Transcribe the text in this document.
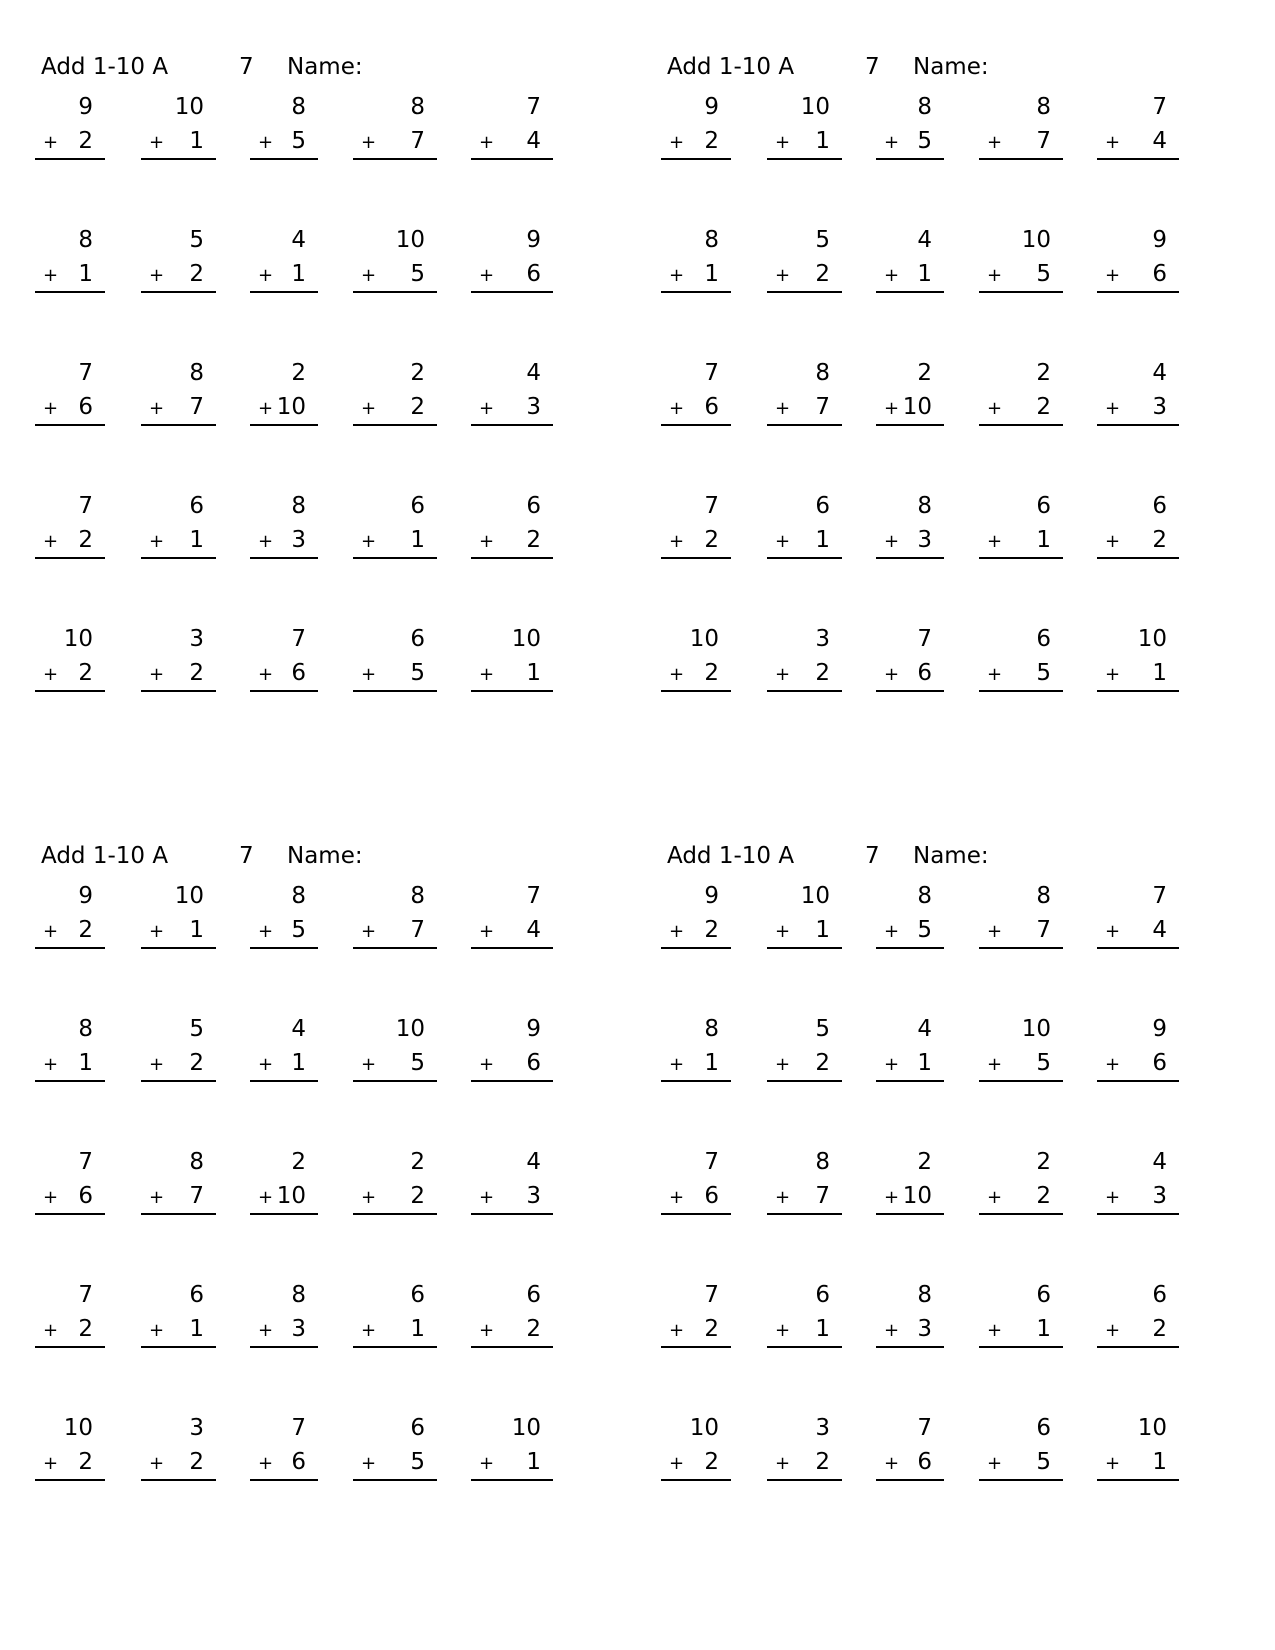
Add 1-10 A	7 Name:
9
+ 2
10
+ 1
8
+ 5
8
+ 7
7
+ 4
8
+ 1
5
+ 2
4
+ 1
10
+ 5
9
+ 6
7
+ 6
8
+ 7
2
+ 10
2
+ 2
4
+ 3
7
+ 2
6
+ 1
8
+ 3
6
+ 1
6
+ 2
10
+ 2
3
+ 2
7
+ 6
6
+ 5
10
+ 1
Add 1-10 A	7 Name:
9
+ 2
10
+ 1
8
+ 5
8
+ 7
7
+ 4
8
+ 1
5
+ 2
4
+ 1
10
+ 5
9
+ 6
7
+ 6
8
+ 7
2
+ 10
2
+ 2
4
+ 3
7
+ 2
6
+ 1
8
+ 3
6
+ 1
6
+ 2
10
+ 2
3
+ 2
7
+ 6
6
+ 5
10
+ 1
Add 1-10 A	7 Name:
9
+ 2
10
+ 1
8
+ 5
8
+ 7
7
+ 4
8
+ 1
5
+ 2
4
+ 1
10
+ 5
9
+ 6
7
+ 6
8
+ 7
2
+ 10
2
+ 2
4
+ 3
7
+ 2
6
+ 1
8
+ 3
6
+ 1
6
+ 2
10
+ 2
3
+ 2
7
+ 6
6
+ 5
10
+ 1
Add 1-10 A	7 Name:
9
+ 2
10
+ 1
8
+ 5
8
+ 7
7
+ 4
8
+ 1
5
+ 2
4
+ 1
10
+ 5
9
+ 6
7
+ 6
8
+ 7
2
+ 10
2
+ 2
4
+ 3
7
+ 2
6
+ 1
8
+ 3
6
+ 1
6
+ 2
10
+ 2
3
+ 2
7
+ 6
6
+ 5
10
+ 1
